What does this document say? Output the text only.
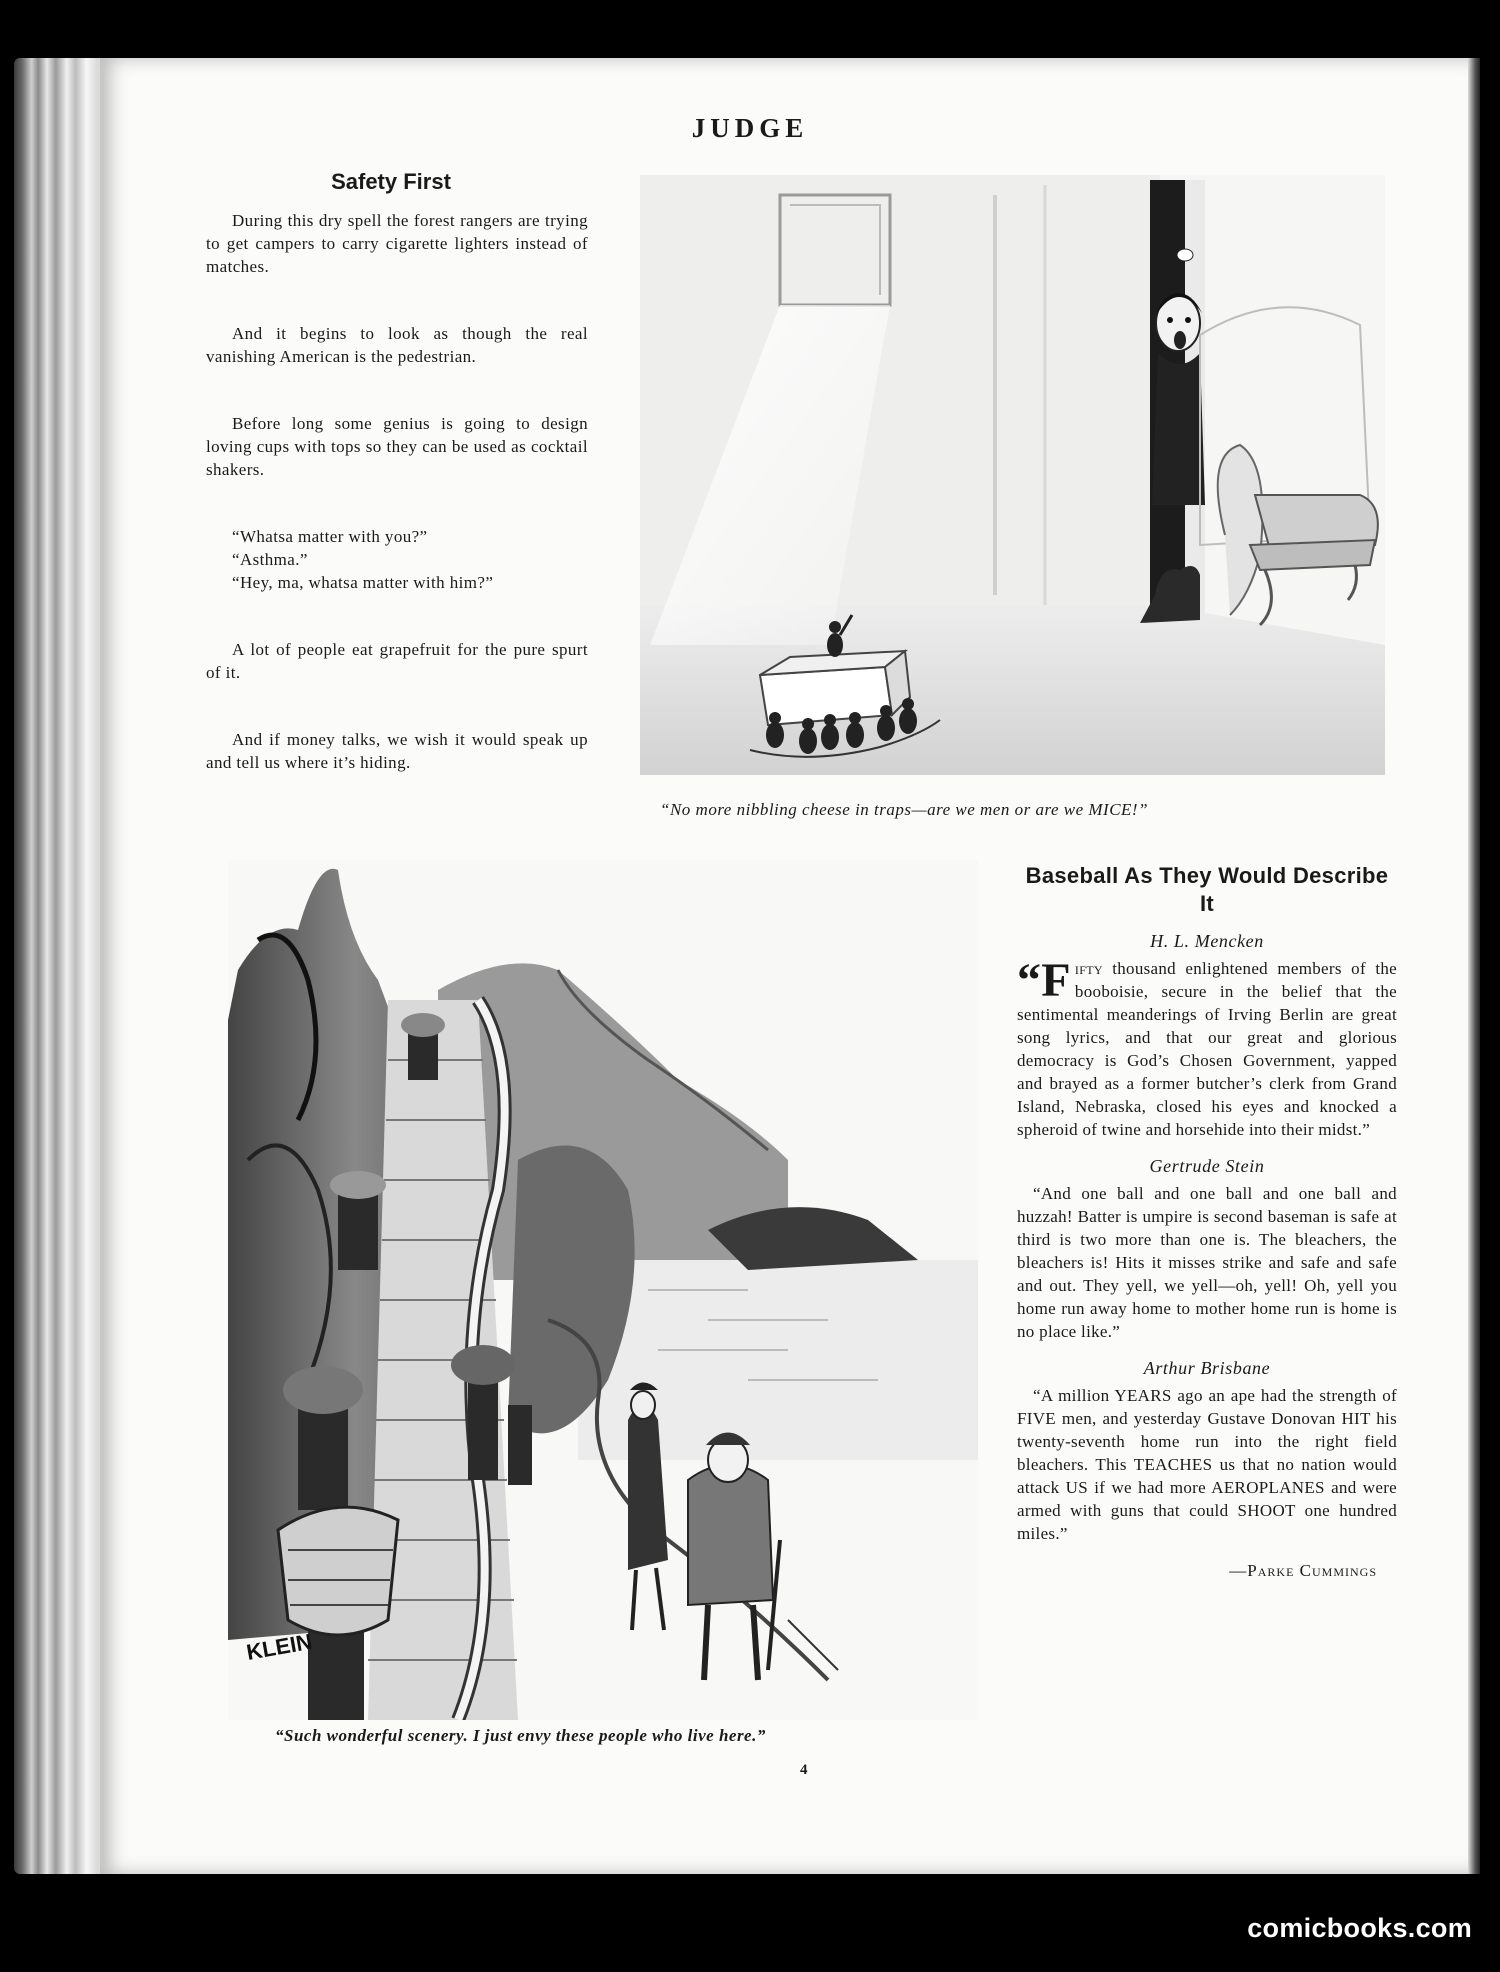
JUDGE
Safety First

During this dry spell the forest rangers are trying to get campers to carry cigarette lighters instead of matches.

And it begins to look as though the real vanishing American is the pedestrian.

Before long some genius is going to design loving cups with tops so they can be used as cocktail shakers.

“Whatsa matter with you?”
“Asthma.”
“Hey, ma, whatsa matter with him?”

A lot of people eat grapefruit for the pure spurt of it.

And if money talks, we wish it would speak up and tell us where it’s hiding.

“No more nibbling cheese in traps—are we men or are we MICE!”
KLEIN
“Such wonderful scenery. I just envy these people who live here.”
Baseball As They Would Describe It
H. L. Mencken

“Fifty thousand enlightened members of the booboisie, secure in the belief that the sentimental meanderings of Irving Berlin are great song lyrics, and that our great and glorious democracy is God’s Chosen Government, yapped and brayed as a former butcher’s clerk from Grand Island, Nebraska, closed his eyes and knocked a spheroid of twine and horsehide into their midst.”

Gertrude Stein

“And one ball and one ball and one ball and huzzah! Batter is umpire is second baseman is safe at third is two more than one is. The bleachers, the bleachers is! Hits it misses strike and safe and safe and out. They yell, we yell—oh, yell! Oh, yell you home run away home to mother home run is home is no place like.”

Arthur Brisbane

“A million YEARS ago an ape had the strength of FIVE men, and yesterday Gustave Donovan HIT his twenty-seventh home run into the right field bleachers. This TEACHES us that no nation would attack US if we had more AEROPLANES and were armed with guns that could SHOOT one hundred miles.”

—Parke Cummings
4
comicbooks.com
